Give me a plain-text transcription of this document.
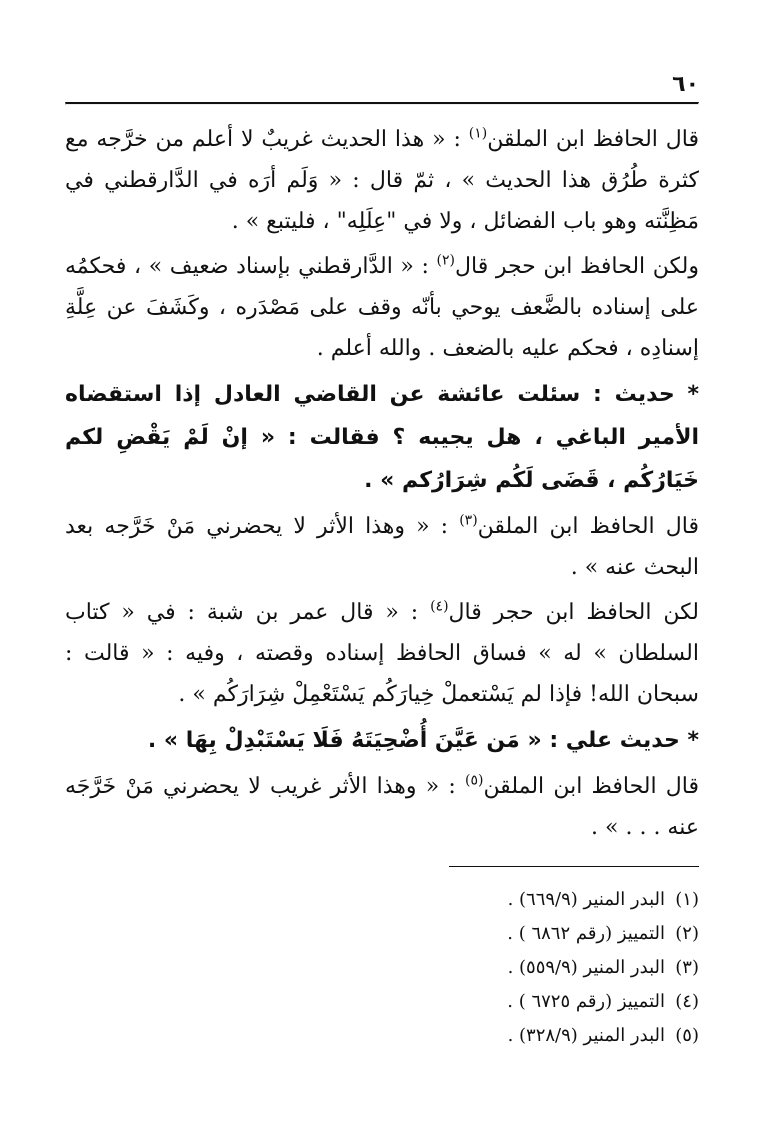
٦٠

قال الحافظ ابن الملقن$^{(١)}$ : « هذا الحديث غريبٌ لا أعلم من خرَّجه مع كثرة طُرُق هذا الحديث » ، ثمّ قال : « وَلَم أرَه في الدَّارقطني في مَظِنَّته وهو باب الفضائل ، ولا في "عِلَلِه" ، فليتبع » .

ولكن الحافظ ابن حجر قال$^{(٢)}$ : « الدَّارقطني بإسناد ضعيف » ، فحكمُه على إسناده بالضَّعف يوحي بأنّه وقف على مَصْدَره ، وكَشَفَ عن عِلَّةِ إسنادِه ، فحكم عليه بالضعف . والله أعلم .

* حديث : سئلت عائشة عن القاضي العادل إذا استقضاه الأمير الباغي ، هل يجيبه ؟ فقالت : « إنْ لَمْ يَقْضِ لكم خَيَارُكُم ، قَضَى لَكُم شِرَارُكم » .

قال الحافظ ابن الملقن$^{(٣)}$ : « وهذا الأثر لا يحضرني مَنْ خَرَّجه بعد البحث عنه » .

لكن الحافظ ابن حجر قال$^{(٤)}$ : « قال عمر بن شبة : في « كتاب السلطان » له » فساق الحافظ إسناده وقصته ، وفيه : « قالت : سبحان الله! فإذا لم يَسْتعملْ خِيارَكُم يَسْتَعْمِلْ شِرَارَكُم » .

* حديث علي : « مَن عَيَّنَ أُضْحِيَتَهُ فَلَا يَسْتَبْدِلْ بِهَا » .

قال الحافظ ابن الملقن$^{(٥)}$ : « وهذا الأثر غريب لا يحضرني مَنْ خَرَّجَه عنه . . . » .

(١)البدر المنير (٦٦٩/٩) .
(٢)التمييز (رقم ٦٨٦٢ ) .
(٣)البدر المنير (٥٥٩/٩) .
(٤)التمييز (رقم ٦٧٢٥ ) .
(٥)البدر المنير (٣٢٨/٩) .
